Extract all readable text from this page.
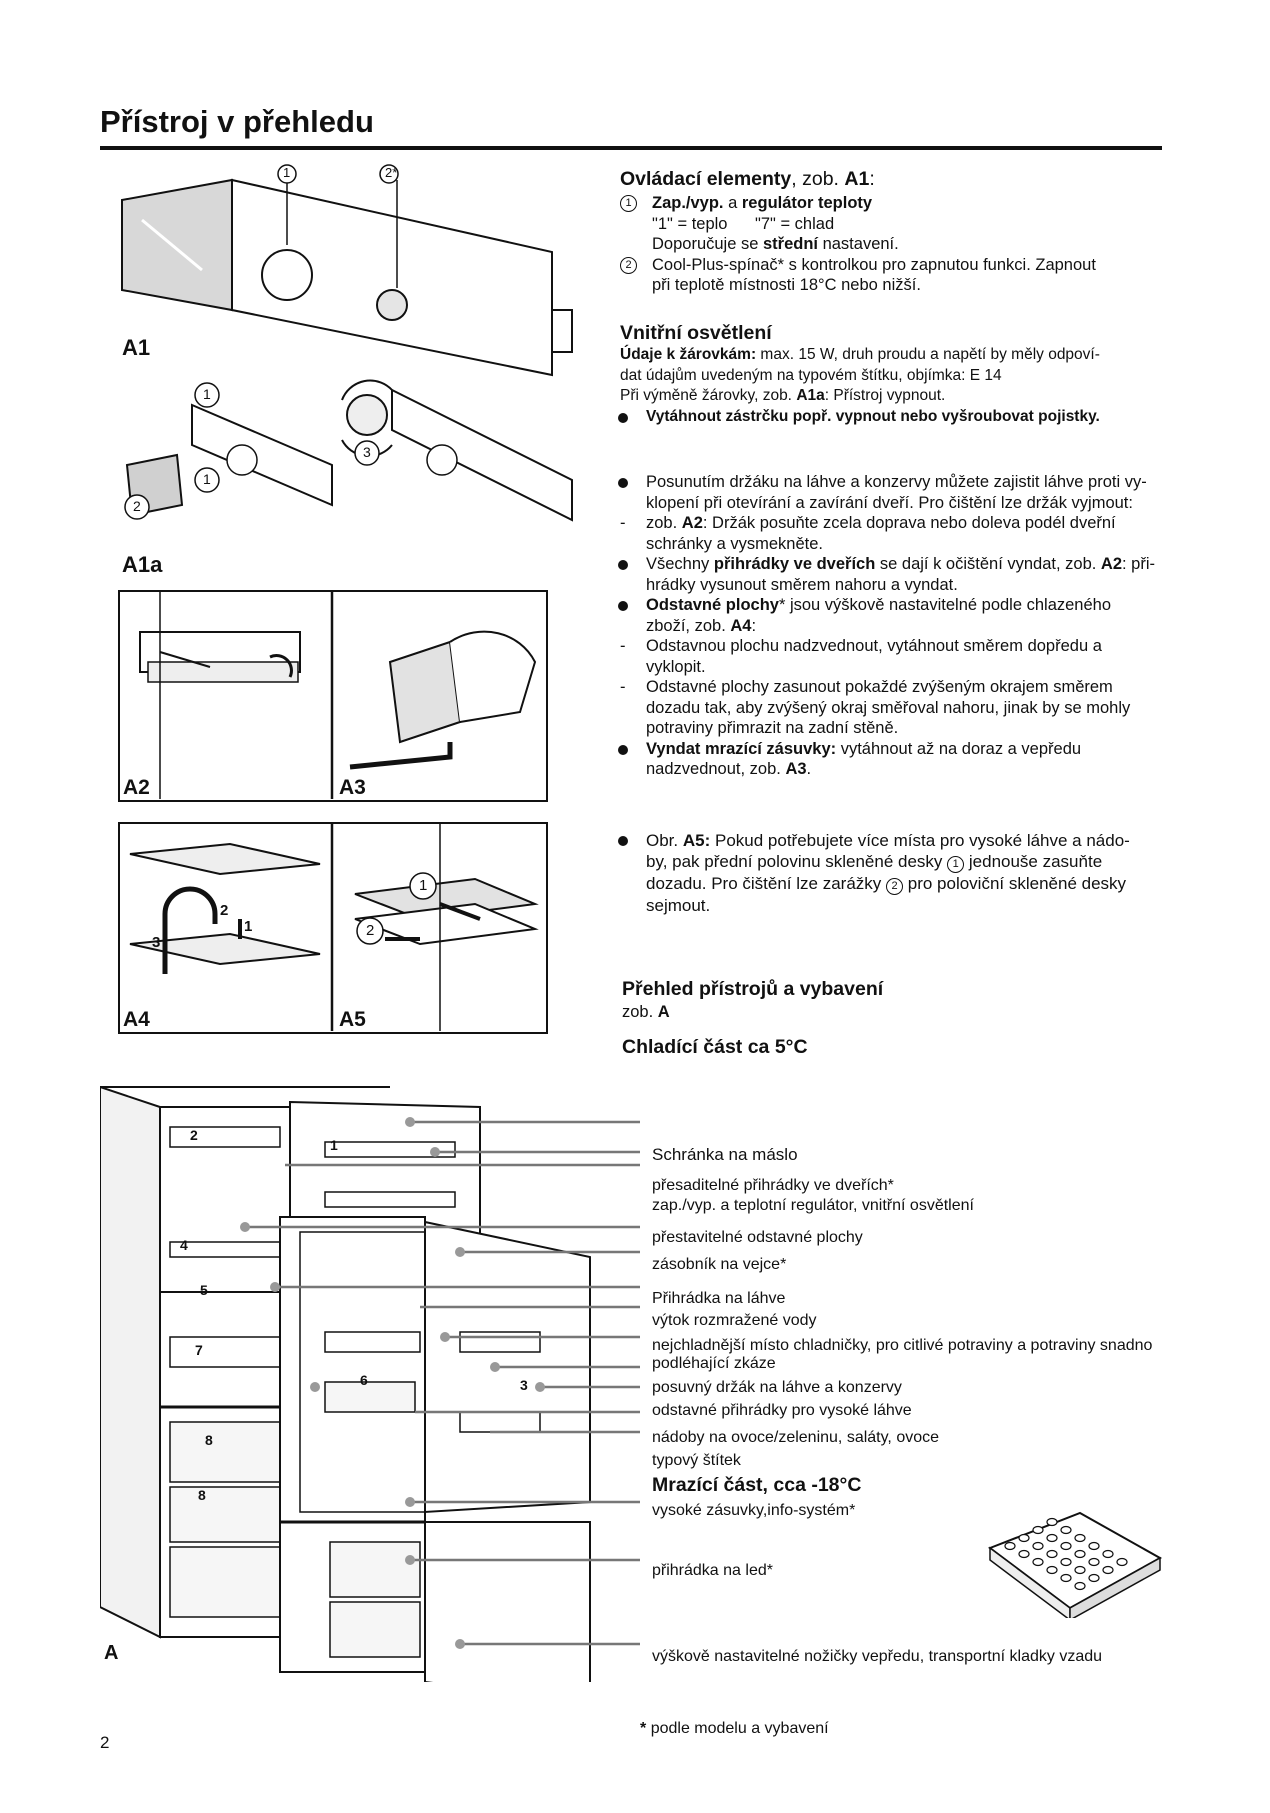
Přístroj v přehledu
1	2*
A1
1
1
2
3
A1a
A2	A3
1
2
3
1
2
A4	A5
Ovládací elementy, zob. A1:
1	Zap./vyp. a regulátor teploty
"1" = teplo      "7" = chlad
Doporučuje se střední nastavení.
2	Cool-Plus-spínač* s kontrolkou pro zapnutou funkci. Zapnout
při teplotě místnosti 18°C nebo nižší.
Vnitřní osvětlení
Údaje k žárovkám: max. 15 W, druh proudu a napětí by měly odpoví-
dat údajům uvedeným na typovém štítku, objímka: E 14
Při výměně žárovky, zob. A1a: Přístroj vypnout.
Vytáhnout zástrčku popř. vypnout nebo vyšroubovat pojistky.
Posunutím držáku na láhve a konzervy můžete zajistit láhve proti vy-
klopení při otevírání a zavírání dveří. Pro čištění lze držák vyjmout:
- zob. A2: Držák posuňte zcela doprava nebo doleva podél dveřní
schránky a vysmekněte.
Všechny přihrádky ve dveřích se dají k očištění vyndat, zob. A2: při-
hrádky vysunout směrem nahoru a vyndat.
Odstavné plochy* jsou výškově nastavitelné podle chlazeného
zboží, zob. A4:
- Odstavnou plochu nadzvednout, vytáhnout směrem dopředu a
vyklopit.
- Odstavné plochy zasunout pokaždé zvýšeným okrajem směrem
dozadu tak, aby zvýšený okraj směřoval nahoru, jinak by se mohly
potraviny přimrazit na zadní stěně.
Vyndat mrazící zásuvky: vytáhnout až na doraz a vepředu
nadzvednout, zob. A3.
Obr. A5: Pokud potřebujete více místa pro vysoké láhve a nádo-
by, pak přední polovinu skleněné desky 1 jednouše zasuňte
dozadu. Pro čištění lze zarážky 2 pro poloviční skleněné desky
sejmout.
Přehled přístrojů a vybavení
zob. A
Chladící část ca 5°C
1
2
3
4
5
6
7
8
8
A
Schránka na máslo
přesaditelné přihrádky ve dveřích*
zap./vyp. a teplotní regulátor, vnitřní osvětlení
přestavitelné odstavné plochy
zásobník na vejce*
Přihrádka na láhve
výtok rozmražené vody
nejchladnější místo chladničky, pro citlivé potraviny a potraviny snadno
podléhající zkáze
posuvný držák na láhve a konzervy
odstavné přihrádky pro vysoké láhve
nádoby na ovoce/zeleninu, saláty, ovoce
typový štítek
Mrazící část, cca -18°C
vysoké zásuvky,info-systém*
přihrádka na led*
výškově nastavitelné nožičky vepředu, transportní kladky vzadu
2
* podle modelu a vybavení
